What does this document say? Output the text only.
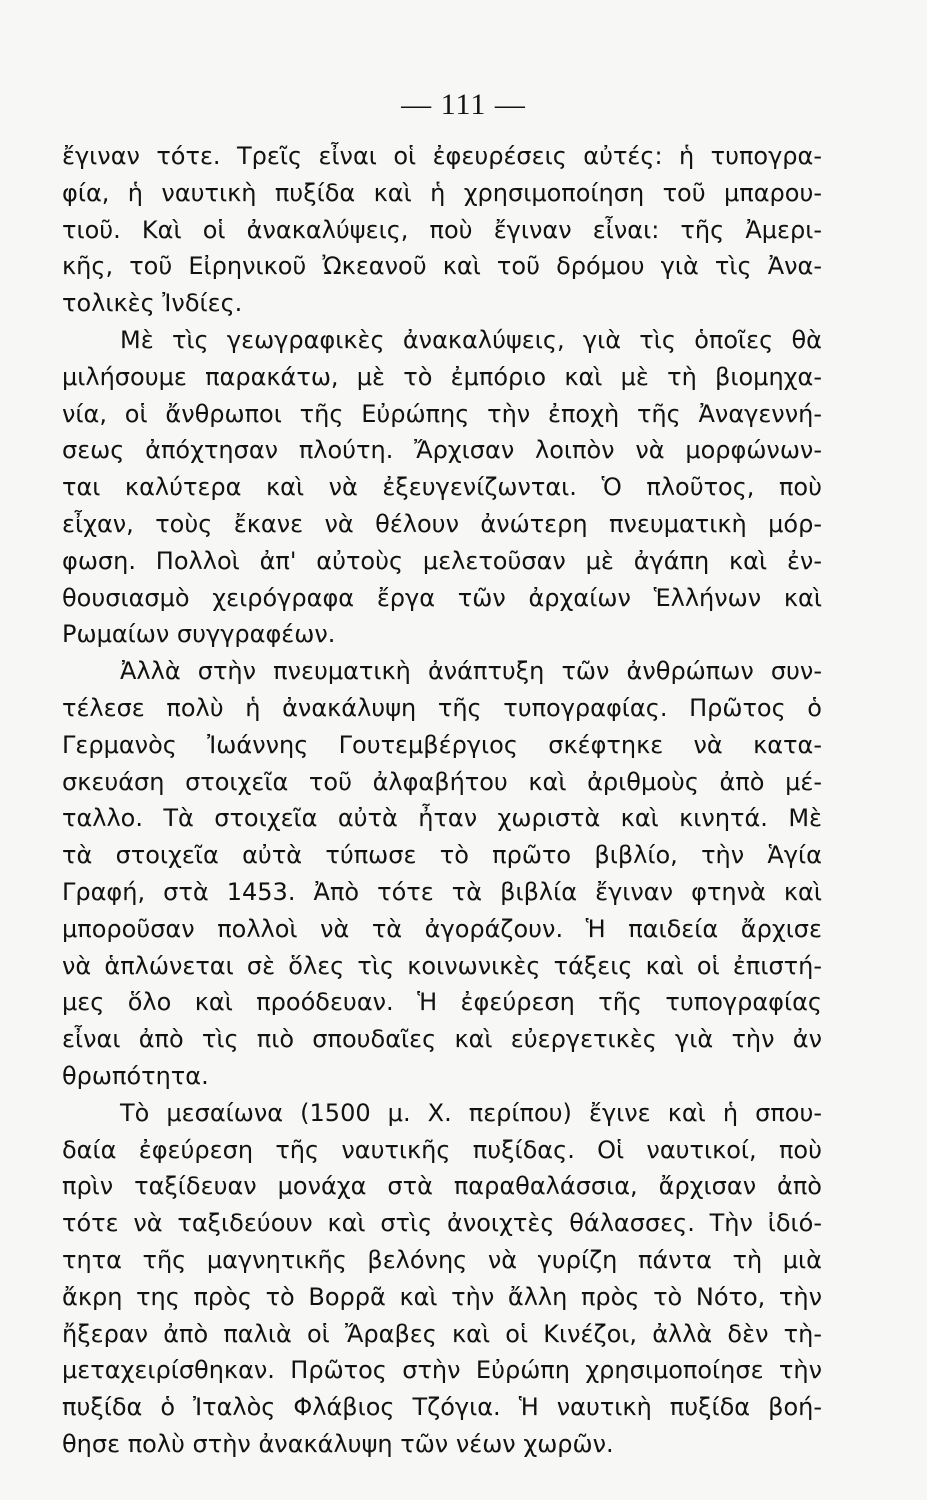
— 111 —
ἔγιναν τότε. Τρεῖς εἶναι οἱ ἐφευρέσεις αὐτές: ἡ τυπογρα-
φία, ἡ ναυτικὴ πυξίδα καὶ ἡ χρησιμοποίηση τοῦ μπαρου-
τιοῦ. Καὶ οἱ ἀνακαλύψεις, ποὺ ἔγιναν εἶναι: τῆς Ἀμερι-
κῆς, τοῦ Εἰρηνικοῦ Ὠκεανοῦ καὶ τοῦ δρόμου γιὰ τὶς Ἀνα-
τολικὲς Ἰνδίες.
Μὲ τὶς γεωγραφικὲς ἀνακαλύψεις, γιὰ τὶς ὁποῖες θὰ
μιλήσουμε παρακάτω, μὲ τὸ ἐμπόριο καὶ μὲ τὴ βιομηχα-
νία, οἱ ἄνθρωποι τῆς Εὐρώπης τὴν ἐποχὴ τῆς Ἀναγεννή-
σεως ἀπόχτησαν πλούτη. Ἄρχισαν λοιπὸν νὰ μορφώνων-
ται καλύτερα καὶ νὰ ἐξευγενίζωνται. Ὁ πλοῦτος, ποὺ
εἶχαν, τοὺς ἔκανε νὰ θέλουν ἀνώτερη πνευματικὴ μόρ-
φωση. Πολλοὶ ἀπ' αὐτοὺς μελετοῦσαν μὲ ἀγάπη καὶ ἐν-
θουσιασμὸ χειρόγραφα ἔργα τῶν ἀρχαίων Ἑλλήνων καὶ
Ρωμαίων συγγραφέων.
Ἀλλὰ στὴν πνευματικὴ ἀνάπτυξη τῶν ἀνθρώπων συν-
τέλεσε πολὺ ἡ ἀνακάλυψη τῆς τυπογραφίας. Πρῶτος ὁ
Γερμανὸς Ἰωάννης Γουτεμβέργιος σκέφτηκε νὰ κατα-
σκευάση στοιχεῖα τοῦ ἀλφαβήτου καὶ ἀριθμοὺς ἀπὸ μέ-
ταλλο. Τὰ στοιχεῖα αὐτὰ ἦταν χωριστὰ καὶ κινητά. Μὲ
τὰ στοιχεῖα αὐτὰ τύπωσε τὸ πρῶτο βιβλίο, τὴν Ἁγία
Γραφή, στὰ 1453. Ἀπὸ τότε τὰ βιβλία ἔγιναν φτηνὰ καὶ
μποροῦσαν πολλοὶ νὰ τὰ ἀγοράζουν. Ἡ παιδεία ἄρχισε
νὰ ἁπλώνεται σὲ ὅλες τὶς κοινωνικὲς τάξεις καὶ οἱ ἐπιστή-
μες ὅλο καὶ προόδευαν. Ἡ ἐφεύρεση τῆς τυπογραφίας
εἶναι ἀπὸ τὶς πιὸ σπουδαῖες καὶ εὐεργετικὲς γιὰ τὴν ἀν
θρωπότητα.
Τὸ μεσαίωνα (1500 μ. Χ. περίπου) ἔγινε καὶ ἡ σπου-
δαία ἐφεύρεση τῆς ναυτικῆς πυξίδας. Οἱ ναυτικοί, ποὺ
πρὶν ταξίδευαν μονάχα στὰ παραθαλάσσια, ἄρχισαν ἀπὸ
τότε νὰ ταξιδεύουν καὶ στὶς ἀνοιχτὲς θάλασσες. Τὴν ἰδιό-
τητα τῆς μαγνητικῆς βελόνης νὰ γυρίζη πάντα τὴ μιὰ
ἄκρη της πρὸς τὸ Βορρᾶ καὶ τὴν ἄλλη πρὸς τὸ Νότο, τὴν
ἤξεραν ἀπὸ παλιὰ οἱ Ἄραβες καὶ οἱ Κινέζοι, ἀλλὰ δὲν τὴ-
μεταχειρίσθηκαν. Πρῶτος στὴν Εὐρώπη χρησιμοποίησε τὴν
πυξίδα ὁ Ἰταλὸς Φλάβιος Τζόγια. Ἡ ναυτικὴ πυξίδα βοή-
θησε πολὺ στὴν ἀνακάλυψη τῶν νέων χωρῶν.
